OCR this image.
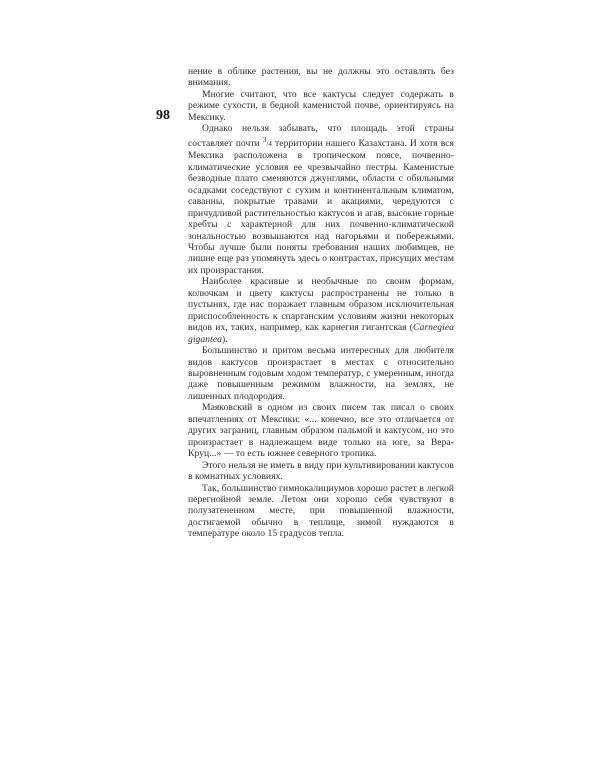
98

нение в облике растения, вы не должны это оставлять без внимания.

Многие считают, что все кактусы следует содержать в режиме сухости, в бедной каменистой почве, ориентируясь на Мексику.

Однако нельзя забывать, что площадь этой страны составляет почти $^3$/4 территории нашего Казахстана. И хотя вся Мексика расположена в тропическом поясе, почвенно-климатические условия ее чрезвычайно пестры. Каменистые безводные плато сменяются джунглями, области с обильными осадками соседствуют с сухим и континентальным климатом, саванны, покрытые травами и акациями, чередуются с причудливой растительностью кактусов и агав, высокие горные хребты с характерной для них почвенно-климатической зональностью возвышаются над нагорьями и побережьями. Чтобы лучше были поняты требования наших любимцев, не лишне еще раз упомянуть здесь о контрастах, присущих местам их произрастания.

Наиболее красивые и необычные по своим формам, колючкам и цвету кактусы распространены не только в пустынях, где нас поражает главным образом исключительная приспособленность к спартанским условиям жизни некоторых видов их, таких, например, как карнегия гигантская (Carnegiea gigantea).

Большинство и притом весьма интересных для любителя видов кактусов произрастает в местах с относительно выровненным годовым ходом температур, с умеренным, иногда даже повышенным режимом влажности, на землях, не лишенных плодородия.

Маяковский в одном из своих писем так писал о своих впечатлениях от Мексики: «... конечно, все это отличается от других заграниц, главным образом пальмой и кактусом, но это произрастает в надлежащем виде только на юге, за Вера-Круц...» — то есть южнее северного тропика.

Этого нельзя не иметь в виду при культивировании кактусов в комнатных условиях.

Так, большинство гимнокалициумов хорошо растет в легкой перегнойной земле. Летом они хорошо себя чувствуют в полузатененном месте, при повышенной влажности, достигаемой обычно в теплице, зимой нуждаются в температуре около 15 градусов тепла.
